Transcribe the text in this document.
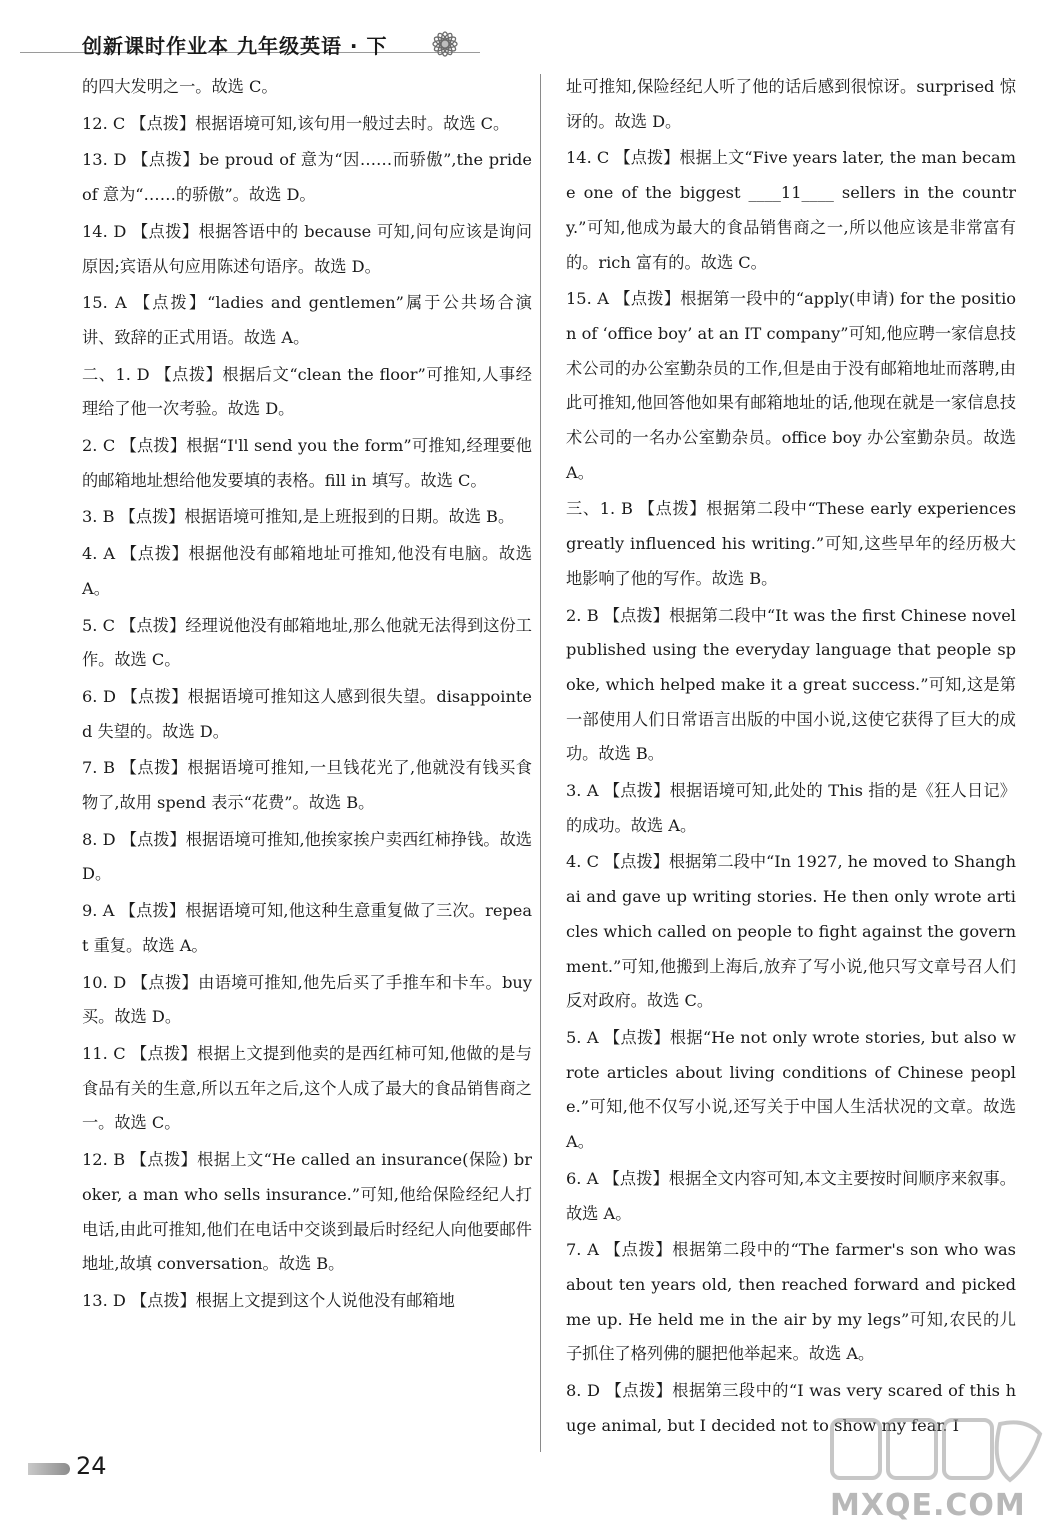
创新课时作业本 九年级英语 · 下

的四大发明之一。故选 C。

12. C 【点拨】根据语境可知,该句用一般过去时。故选 C。

13. D 【点拨】be proud of 意为“因……而骄傲”,the pride of 意为“……的骄傲”。故选 D。

14. D 【点拨】根据答语中的 because 可知,问句应该是询问原因;宾语从句应用陈述句语序。故选 D。

15. A 【点拨】“ladies and gentlemen”属于公共场合演讲、致辞的正式用语。故选 A。

二、1. D 【点拨】根据后文“clean the floor”可推知,人事经理给了他一次考验。故选 D。

2. C 【点拨】根据“I'll send you the form”可推知,经理要他的邮箱地址想给他发要填的表格。fill in 填写。故选 C。

3. B 【点拨】根据语境可推知,是上班报到的日期。故选 B。

4. A 【点拨】根据他没有邮箱地址可推知,他没有电脑。故选 A。

5. C 【点拨】经理说他没有邮箱地址,那么他就无法得到这份工作。故选 C。

6. D 【点拨】根据语境可推知这人感到很失望。disappointed 失望的。故选 D。

7. B 【点拨】根据语境可推知,一旦钱花光了,他就没有钱买食物了,故用 spend 表示“花费”。故选 B。

8. D 【点拨】根据语境可推知,他挨家挨户卖西红柿挣钱。故选 D。

9. A 【点拨】根据语境可知,他这种生意重复做了三次。repeat 重复。故选 A。

10. D 【点拨】由语境可推知,他先后买了手推车和卡车。buy 买。故选 D。

11. C 【点拨】根据上文提到他卖的是西红柿可知,他做的是与食品有关的生意,所以五年之后,这个人成了最大的食品销售商之一。故选 C。

12. B 【点拨】根据上文“He called an insurance(保险) broker, a man who sells insurance.”可知,他给保险经纪人打电话,由此可推知,他们在电话中交谈到最后时经纪人向他要邮件地址,故填 conversation。故选 B。

13. D 【点拨】根据上文提到这个人说他没有邮箱地

址可推知,保险经纪人听了他的话后感到很惊讶。surprised 惊讶的。故选 D。

14. C 【点拨】根据上文“Five years later, the man became one of the biggest ____11____ sellers in the country.”可知,他成为最大的食品销售商之一,所以他应该是非常富有的。rich 富有的。故选 C。

15. A 【点拨】根据第一段中的“apply(申请) for the position of ‘office boy’ at an IT company”可知,他应聘一家信息技术公司的办公室勤杂员的工作,但是由于没有邮箱地址而落聘,由此可推知,他回答他如果有邮箱地址的话,他现在就是一家信息技术公司的一名办公室勤杂员。office boy 办公室勤杂员。故选 A。

三、1. B 【点拨】根据第二段中“These early experiences greatly influenced his writing.”可知,这些早年的经历极大地影响了他的写作。故选 B。

2. B 【点拨】根据第二段中“It was the first Chinese novel published using the everyday language that people spoke, which helped make it a great success.”可知,这是第一部使用人们日常语言出版的中国小说,这使它获得了巨大的成功。故选 B。

3. A 【点拨】根据语境可知,此处的 This 指的是《狂人日记》的成功。故选 A。

4. C 【点拨】根据第二段中“In 1927, he moved to Shanghai and gave up writing stories. He then only wrote articles which called on people to fight against the government.”可知,他搬到上海后,放弃了写小说,他只写文章号召人们反对政府。故选 C。

5. A 【点拨】根据“He not only wrote stories, but also wrote articles about living conditions of Chinese people.”可知,他不仅写小说,还写关于中国人生活状况的文章。故选 A。

6. A 【点拨】根据全文内容可知,本文主要按时间顺序来叙事。故选 A。

7. A 【点拨】根据第二段中的“The farmer's son who was about ten years old, then reached forward and picked me up. He held me in the air by my legs”可知,农民的儿子抓住了格列佛的腿把他举起来。故选 A。

8. D 【点拨】根据第三段中的“I was very scared of this huge animal, but I decided not to show my fear. I

24
MXQE.COM
